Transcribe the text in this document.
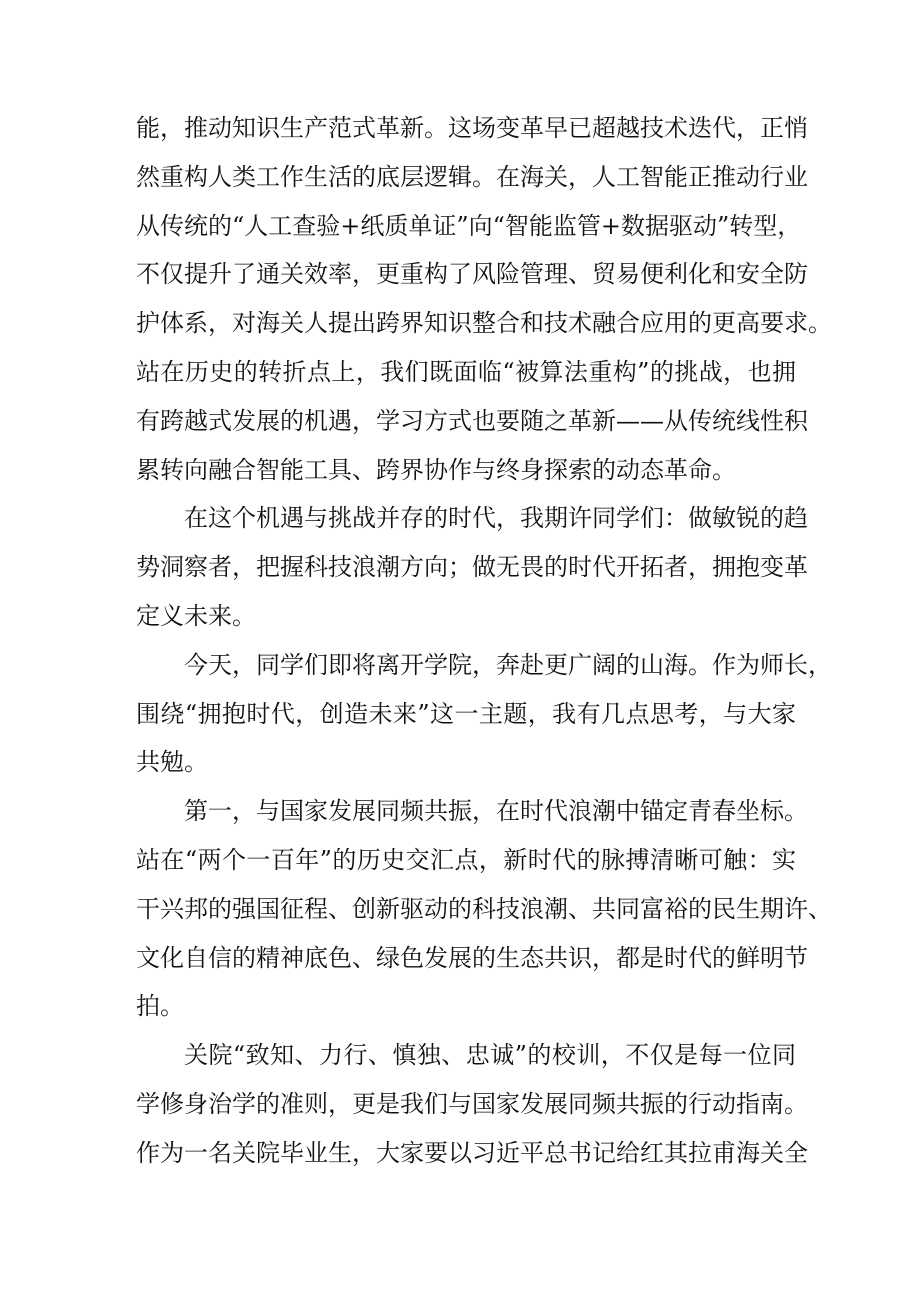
能，推动知识生产范式革新。这场变革早已超越技术迭代，正悄
然重构人类工作生活的底层逻辑。在海关，人工智能正推动行业
从传统的“人工查验+纸质单证”向“智能监管+数据驱动”转型，
不仅提升了通关效率，更重构了风险管理、贸易便利化和安全防
护体系，对海关人提出跨界知识整合和技术融合应用的更高要求。
站在历史的转折点上，我们既面临“被算法重构”的挑战，也拥
有跨越式发展的机遇，学习方式也要随之革新——从传统线性积
累转向融合智能工具、跨界协作与终身探索的动态革命。
在这个机遇与挑战并存的时代，我期许同学们：做敏锐的趋
势洞察者，把握科技浪潮方向；做无畏的时代开拓者，拥抱变革
定义未来。
今天，同学们即将离开学院，奔赴更广阔的山海。作为师长，
围绕“拥抱时代，创造未来”这一主题，我有几点思考，与大家
共勉。
第一，与国家发展同频共振，在时代浪潮中锚定青春坐标。
站在“两个一百年”的历史交汇点，新时代的脉搏清晰可触：实
干兴邦的强国征程、创新驱动的科技浪潮、共同富裕的民生期许、
文化自信的精神底色、绿色发展的生态共识，都是时代的鲜明节
拍。
关院“致知、力行、慎独、忠诚”的校训，不仅是每一位同
学修身治学的准则，更是我们与国家发展同频共振的行动指南。
作为一名关院毕业生，大家要以习近平总书记给红其拉甫海关全
